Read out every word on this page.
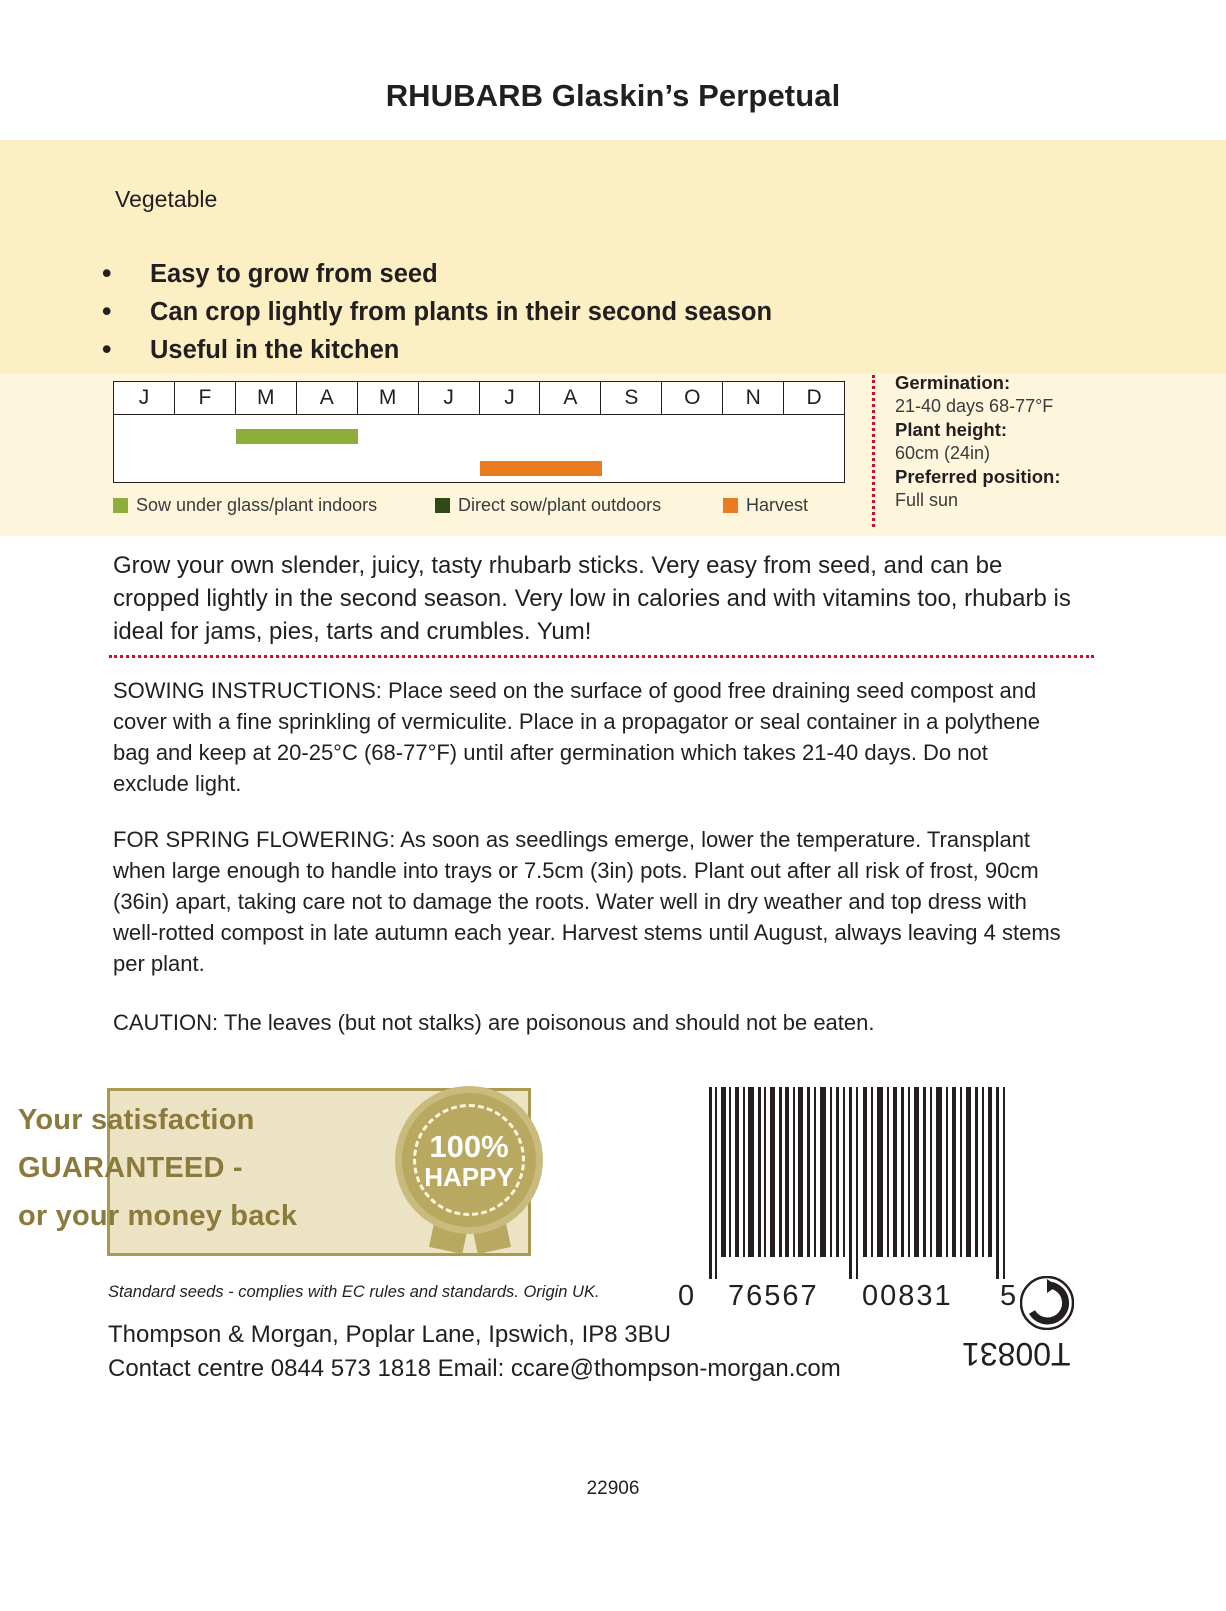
RHUBARB Glaskin’s Perpetual
Vegetable
• Easy to grow from seed
• Can crop lightly from plants in their second season
• Useful in the kitchen
J	F	M	A	M	J	J	A	S	O	N	D
Sow under glass/plant indoors	Direct sow/plant outdoors	Harvest
Germination:
21-40 days 68-77°F
Plant height:
60cm (24in)
Preferred position:
Full sun
Grow your own slender, juicy, tasty rhubarb sticks. Very easy from seed, and can be cropped lightly in the second season. Very low in calories and with vitamins too, rhubarb is ideal for jams, pies, tarts and crumbles. Yum!
SOWING INSTRUCTIONS: Place seed on the surface of good free draining seed compost and cover with a fine sprinkling of vermiculite. Place in a propagator or seal container in a polythene bag and keep at 20-25°C (68-77°F) until after germination which takes 21-40 days. Do not exclude light.
FOR SPRING FLOWERING: As soon as seedlings emerge, lower the temperature. Transplant when large enough to handle into trays or 7.5cm (3in) pots. Plant out after all risk of frost, 90cm (36in) apart, taking care not to damage the roots. Water well in dry weather and top dress with well-rotted compost in late autumn each year. Harvest stems until August, always leaving 4 stems per plant.
CAUTION: The leaves (but not stalks) are poisonous and should not be eaten.
Your satisfaction
GUARANTEED -
or your money back
100%
HAPPY
0 76567 00831 5
T00831
Standard seeds - complies with EC rules and standards. Origin UK.
Thompson & Morgan, Poplar Lane, Ipswich, IP8 3BU
Contact centre 0844 573 1818 Email: ccare@thompson-morgan.com
22906
